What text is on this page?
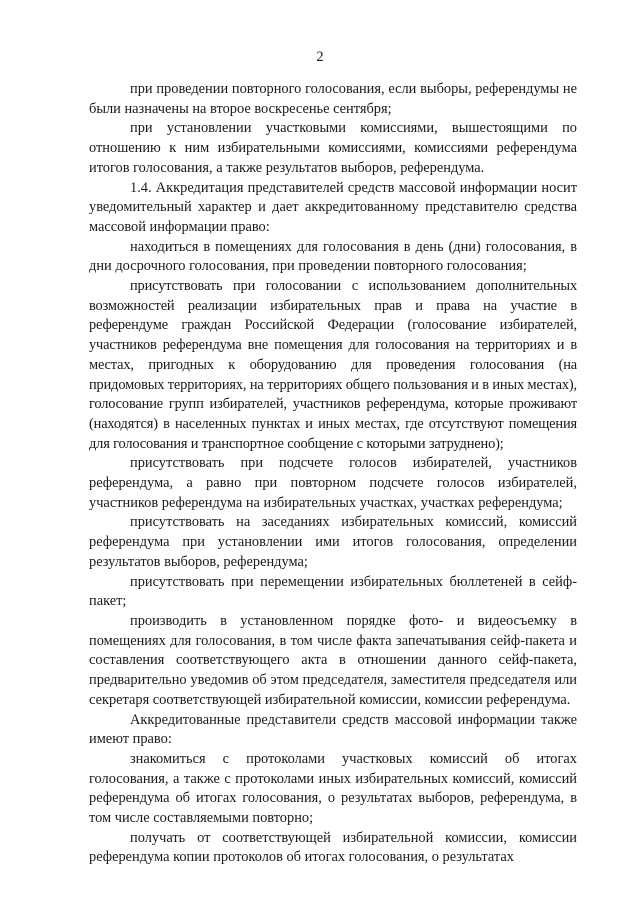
2

при проведении повторного голосования, если выборы, референдумы не были назначены на второе воскресенье сентября;

при установлении участковыми комиссиями, вышестоящими по отношению к ним избирательными комиссиями, комиссиями референдума итогов голосования, а также результатов выборов, референдума.

1.4. Аккредитация представителей средств массовой информации носит уведомительный характер и дает аккредитованному представителю средства массовой информации право:

находиться в помещениях для голосования в день (дни) голосования, в дни досрочного голосования, при проведении повторного голосования;

присутствовать при голосовании с использованием дополнительных возможностей реализации избирательных прав и права на участие в референдуме граждан Российской Федерации (голосование избирателей, участников референдума вне помещения для голосования на территориях и в местах, пригодных к оборудованию для проведения голосования (на придомовых территориях, на территориях общего пользования и в иных местах), голосование групп избирателей, участников референдума, которые проживают (находятся) в населенных пунктах и иных местах, где отсутствуют помещения для голосования и транспортное сообщение с которыми затруднено);

присутствовать при подсчете голосов избирателей, участников референдума, а равно при повторном подсчете голосов избирателей, участников референдума на избирательных участках, участках референдума;

присутствовать на заседаниях избирательных комиссий, комиссий референдума при установлении ими итогов голосования, определении результатов выборов, референдума;

присутствовать при перемещении избирательных бюллетеней в сейф-пакет;

производить в установленном порядке фото- и видеосъемку в помещениях для голосования, в том числе факта запечатывания сейф-пакета и составления соответствующего акта в отношении данного сейф-пакета, предварительно уведомив об этом председателя, заместителя председателя или секретаря соответствующей избирательной комиссии, комиссии референдума.

Аккредитованные представители средств массовой информации также имеют право:

знакомиться с протоколами участковых комиссий об итогах голосования, а также с протоколами иных избирательных комиссий, комиссий референдума об итогах голосования, о результатах выборов, референдума, в том числе составляемыми повторно;

получать от соответствующей избирательной комиссии, комиссии референдума копии протоколов об итогах голосования, о результатах
